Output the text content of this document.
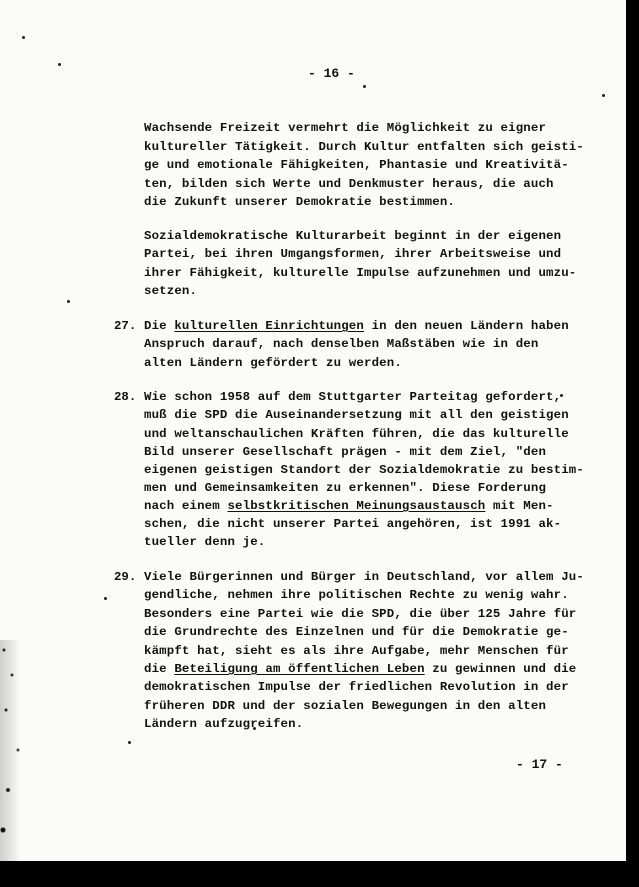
- 16 -
Wachsende Freizeit vermehrt die Möglichkeit zu eigner
kultureller Tätigkeit. Durch Kultur entfalten sich geisti-
ge und emotionale Fähigkeiten, Phantasie und Kreativitä-
ten, bilden sich Werte und Denkmuster heraus, die auch
die Zukunft unserer Demokratie bestimmen.
Sozialdemokratische Kulturarbeit beginnt in der eigenen
Partei, bei ihren Umgangsformen, ihrer Arbeitsweise und
ihrer Fähigkeit, kulturelle Impulse aufzunehmen und umzu-
setzen.
27. Die kulturellen Einrichtungen in den neuen Ländern haben
Anspruch darauf, nach denselben Maßstäben wie in den
alten Ländern gefördert zu werden.
28. Wie schon 1958 auf dem Stuttgarter Parteitag gefordert,
muß die SPD die Auseinandersetzung mit all den geistigen
und weltanschaulichen Kräften führen, die das kulturelle
Bild unserer Gesellschaft prägen - mit dem Ziel, "den
eigenen geistigen Standort der Sozialdemokratie zu bestim-
men und Gemeinsamkeiten zu erkennen". Diese Forderung
nach einem selbstkritischen Meinungsaustausch mit Men-
schen, die nicht unserer Partei angehören, ist 1991 ak-
tueller denn je.
29. Viele Bürgerinnen und Bürger in Deutschland, vor allem Ju-
gendliche, nehmen ihre politischen Rechte zu wenig wahr.
Besonders eine Partei wie die SPD, die über 125 Jahre für
die Grundrechte des Einzelnen und für die Demokratie ge-
kämpft hat, sieht es als ihre Aufgabe, mehr Menschen für
die Beteiligung am öffentlichen Leben zu gewinnen und die
demokratischen Impulse der friedlichen Revolution in der
früheren DDR und der sozialen Bewegungen in den alten
Ländern aufzugreifen.
- 17 -
